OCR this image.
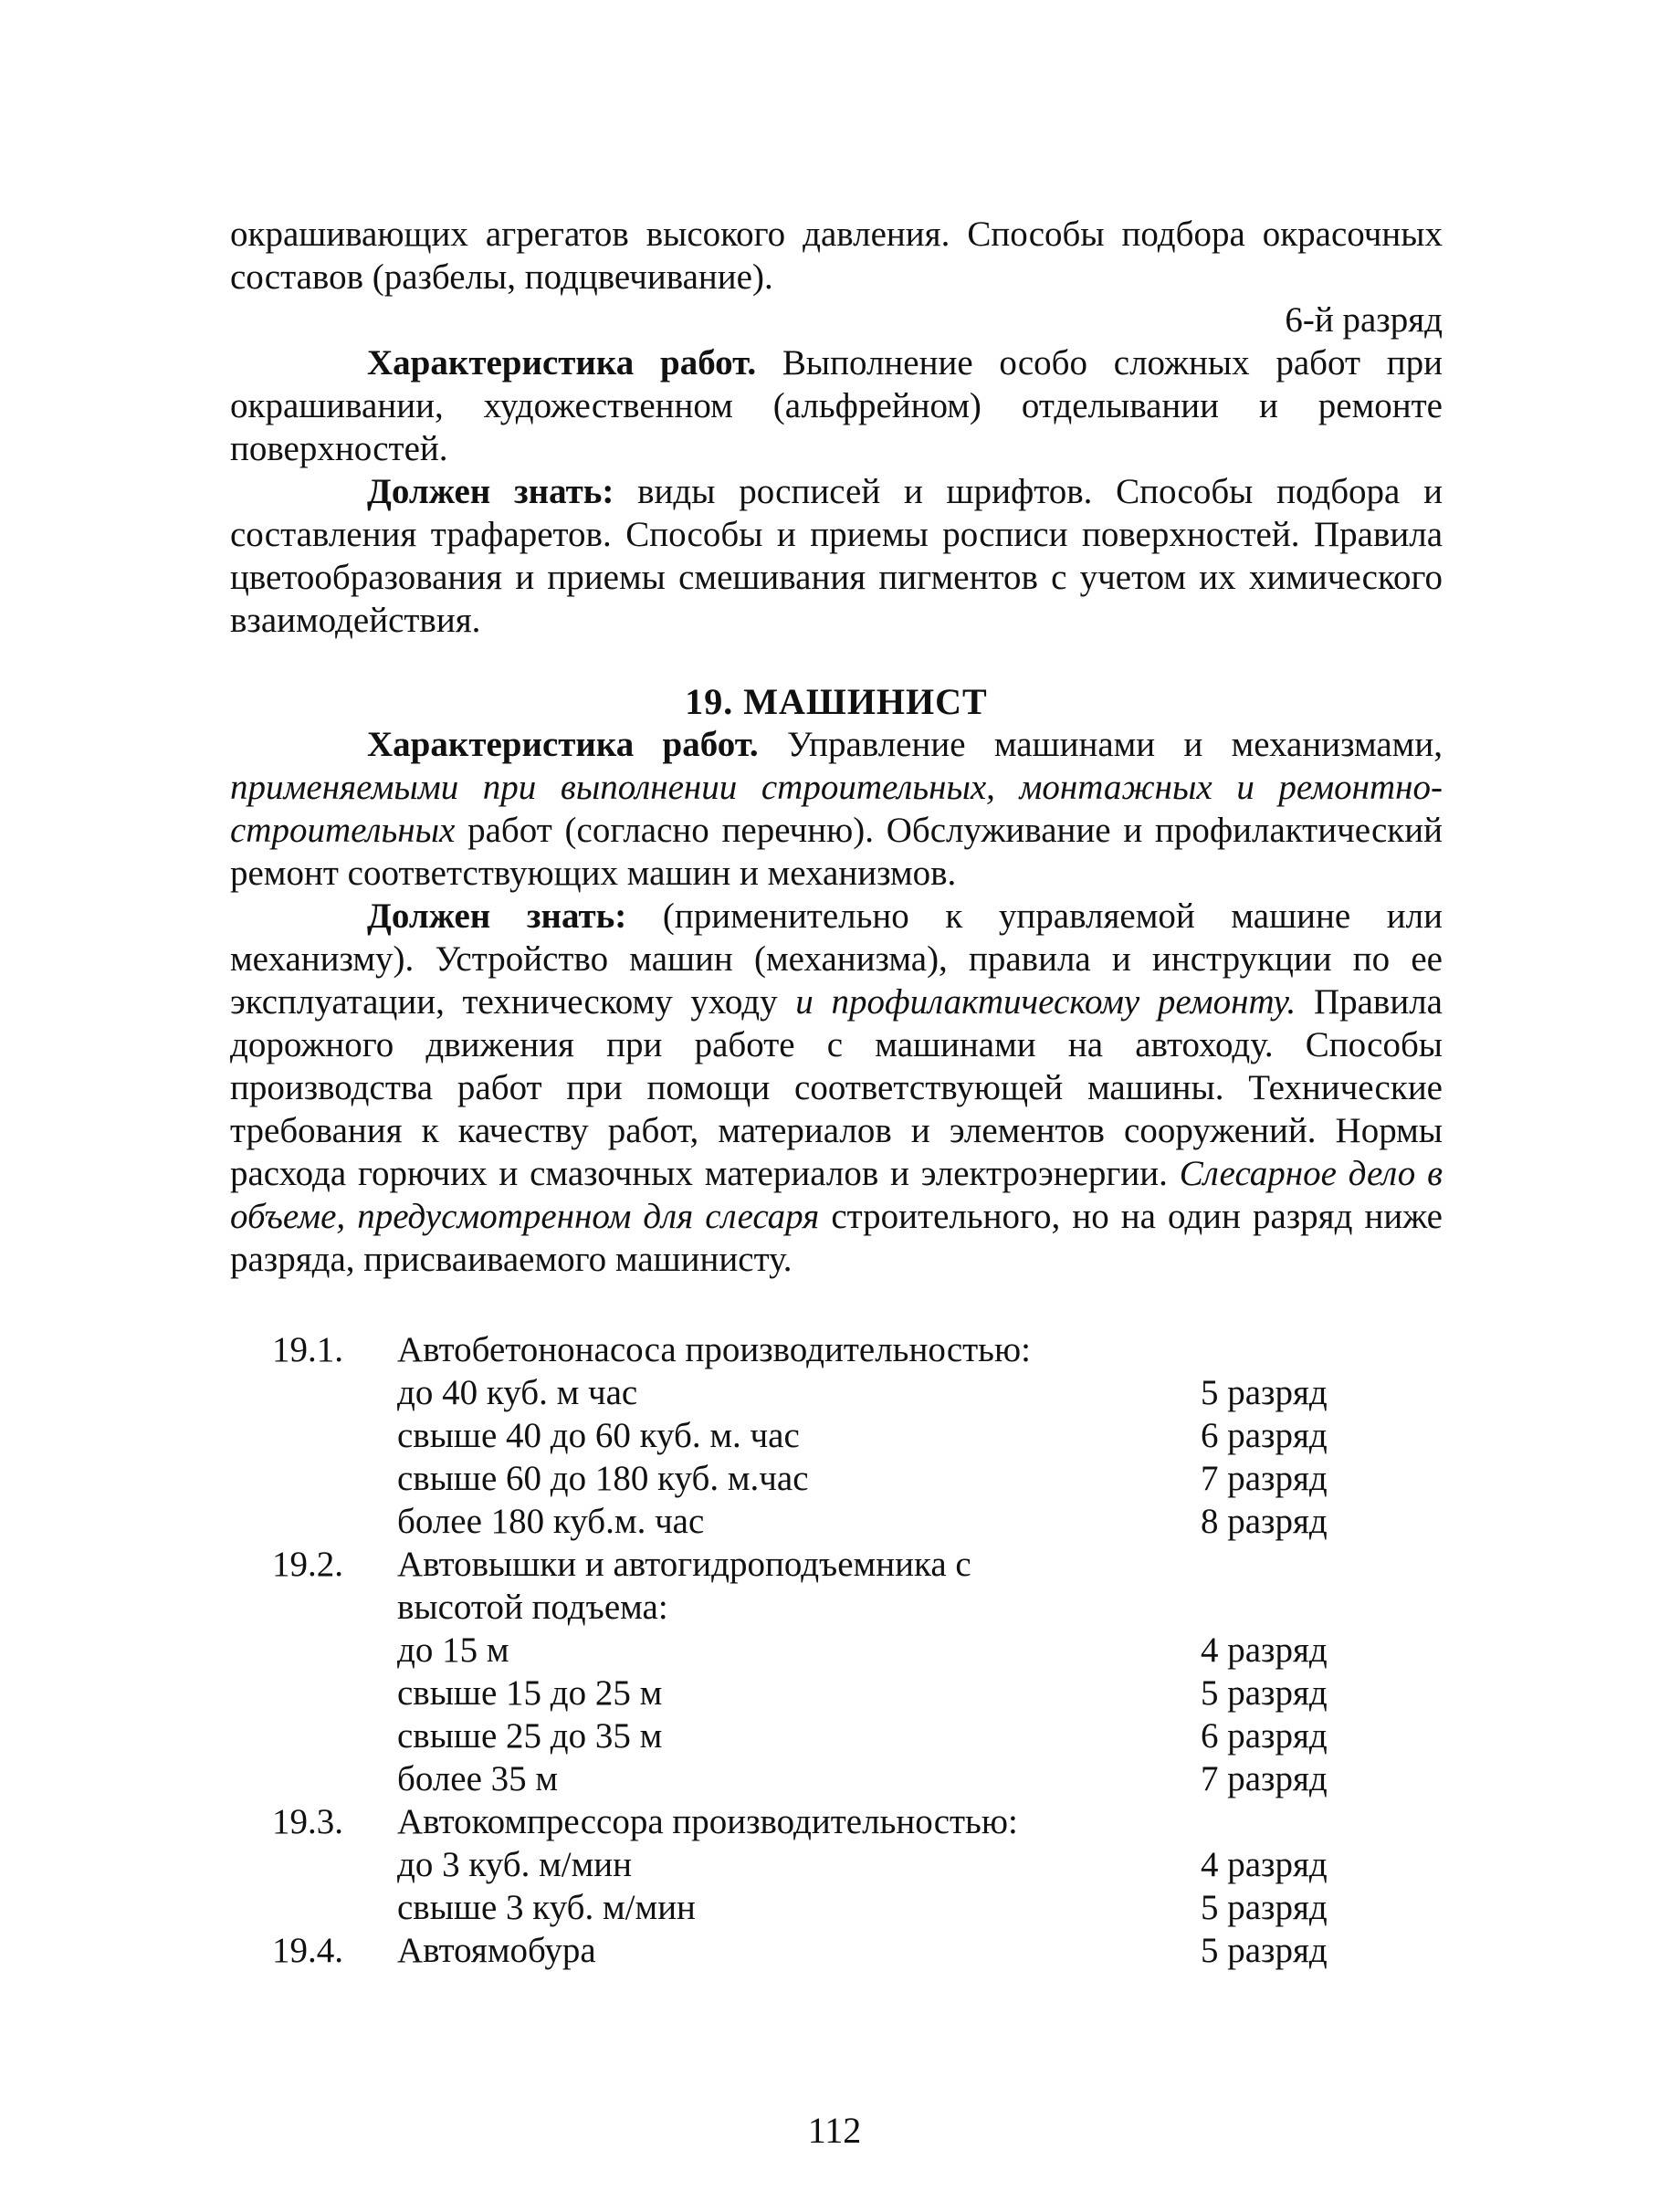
окрашивающих агрегатов высокого давления. Способы подбора окрасочных составов (разбелы, подцвечивание).

6-й разряд

Характеристика работ. Выполнение особо сложных работ при окрашивании, художественном (альфрейном) отделывании и ремонте поверхностей.

Должен знать: виды росписей и шрифтов. Способы подбора и составления трафаретов. Способы и приемы росписи поверхностей. Правила цветообразования и приемы смешивания пигментов с учетом их химического взаимодействия.

19. МАШИНИСТ

Характеристика работ. Управление машинами и механизмами, применяемыми при выполнении строительных, монтажных и ремонтно-строительных работ (согласно перечню). Обслуживание и профилактический ремонт соответствующих машин и механизмов.

Должен знать: (применительно к управляемой машине или механизму). Устройство машин (механизма), правила и инструкции по ее эксплуатации, техническому уходу и профилактическому ремонту. Правила дорожного движения при работе с машинами на автоходу. Способы производства работ при помощи соответствующей машины. Технические требования к качеству работ, материалов и элементов сооружений. Нормы расхода горючих и смазочных материалов и электроэнергии. Слесарное дело в объеме, предусмотренном для слесаря строительного, но на один разряд ниже разряда, присваиваемого машинисту.

19.1.	Автобетононасоса производительностью:
до 40 куб. м час	5 разряд
свыше 40 до 60 куб. м. час	6 разряд
свыше 60 до 180 куб. м.час	7 разряд
более 180 куб.м. час	8 разряд
19.2.	Автовышки и автогидроподъемника с
высотой подъема:
до 15 м	4 разряд
свыше 15 до 25 м	5 разряд
свыше 25 до 35 м	6 разряд
более 35 м	7 разряд
19.3.	Автокомпрессора производительностью:
до 3 куб. м/мин	4 разряд
свыше 3 куб. м/мин	5 разряд
19.4.	Автоямобура	5 разряд
112
